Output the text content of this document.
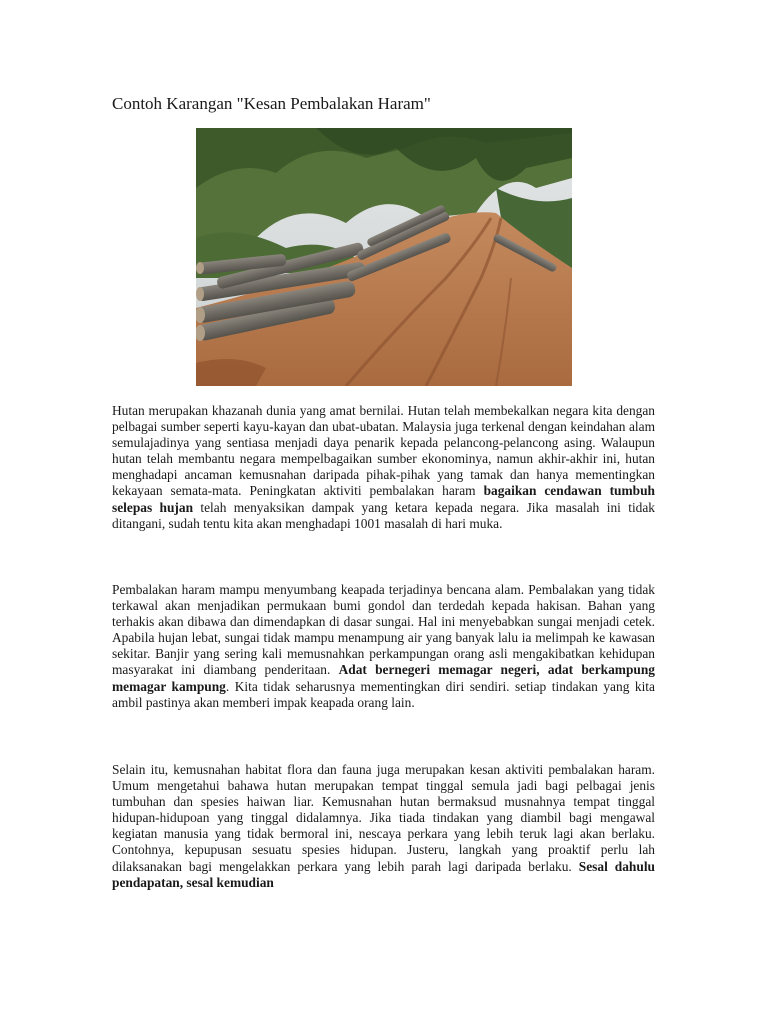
Contoh Karangan "Kesan Pembalakan Haram"

Hutan merupakan khazanah dunia yang amat bernilai. Hutan telah membekalkan negara kita dengan pelbagai sumber seperti kayu-kayan dan ubat-ubatan. Malaysia juga terkenal dengan keindahan alam semulajadinya yang sentiasa menjadi daya penarik kepada pelancong-pelancong asing. Walaupun hutan telah membantu negara mempelbagaikan sumber ekonominya, namun akhir-akhir ini, hutan menghadapi ancaman kemusnahan daripada pihak-pihak yang tamak dan hanya mementingkan kekayaan semata-mata. Peningkatan aktiviti pembalakan haram bagaikan cendawan tumbuh selepas hujan telah menyaksikan dampak yang ketara kepada negara. Jika masalah ini tidak ditangani, sudah tentu kita akan menghadapi 1001 masalah di hari muka.

Pembalakan haram mampu menyumbang keapada terjadinya bencana alam. Pembalakan yang tidak terkawal akan menjadikan permukaan bumi gondol dan terdedah kepada hakisan. Bahan yang terhakis akan dibawa dan dimendapkan di dasar sungai. Hal ini menyebabkan sungai menjadi cetek. Apabila hujan lebat, sungai tidak mampu menampung air yang banyak lalu ia melimpah ke kawasan sekitar. Banjir yang sering kali memusnahkan perkampungan orang asli mengakibatkan kehidupan masyarakat ini diambang penderitaan. Adat bernegeri memagar negeri, adat berkampung memagar kampung. Kita tidak seharusnya mementingkan diri sendiri. setiap tindakan yang kita ambil pastinya akan memberi impak keapada orang lain.

Selain itu, kemusnahan habitat flora dan fauna juga merupakan kesan aktiviti pembalakan haram. Umum mengetahui bahawa hutan merupakan tempat tinggal semula jadi bagi pelbagai jenis tumbuhan dan spesies haiwan liar. Kemusnahan hutan bermaksud musnahnya tempat tinggal hidupan-hidupoan yang tinggal didalamnya. Jika tiada tindakan yang diambil bagi mengawal kegiatan manusia yang tidak bermoral ini, nescaya perkara yang lebih teruk lagi akan berlaku. Contohnya, kepupusan sesuatu spesies hidupan. Justeru, langkah yang proaktif perlu lah dilaksanakan bagi mengelakkan perkara yang lebih parah lagi daripada berlaku. Sesal dahulu pendapatan, sesal kemudian
